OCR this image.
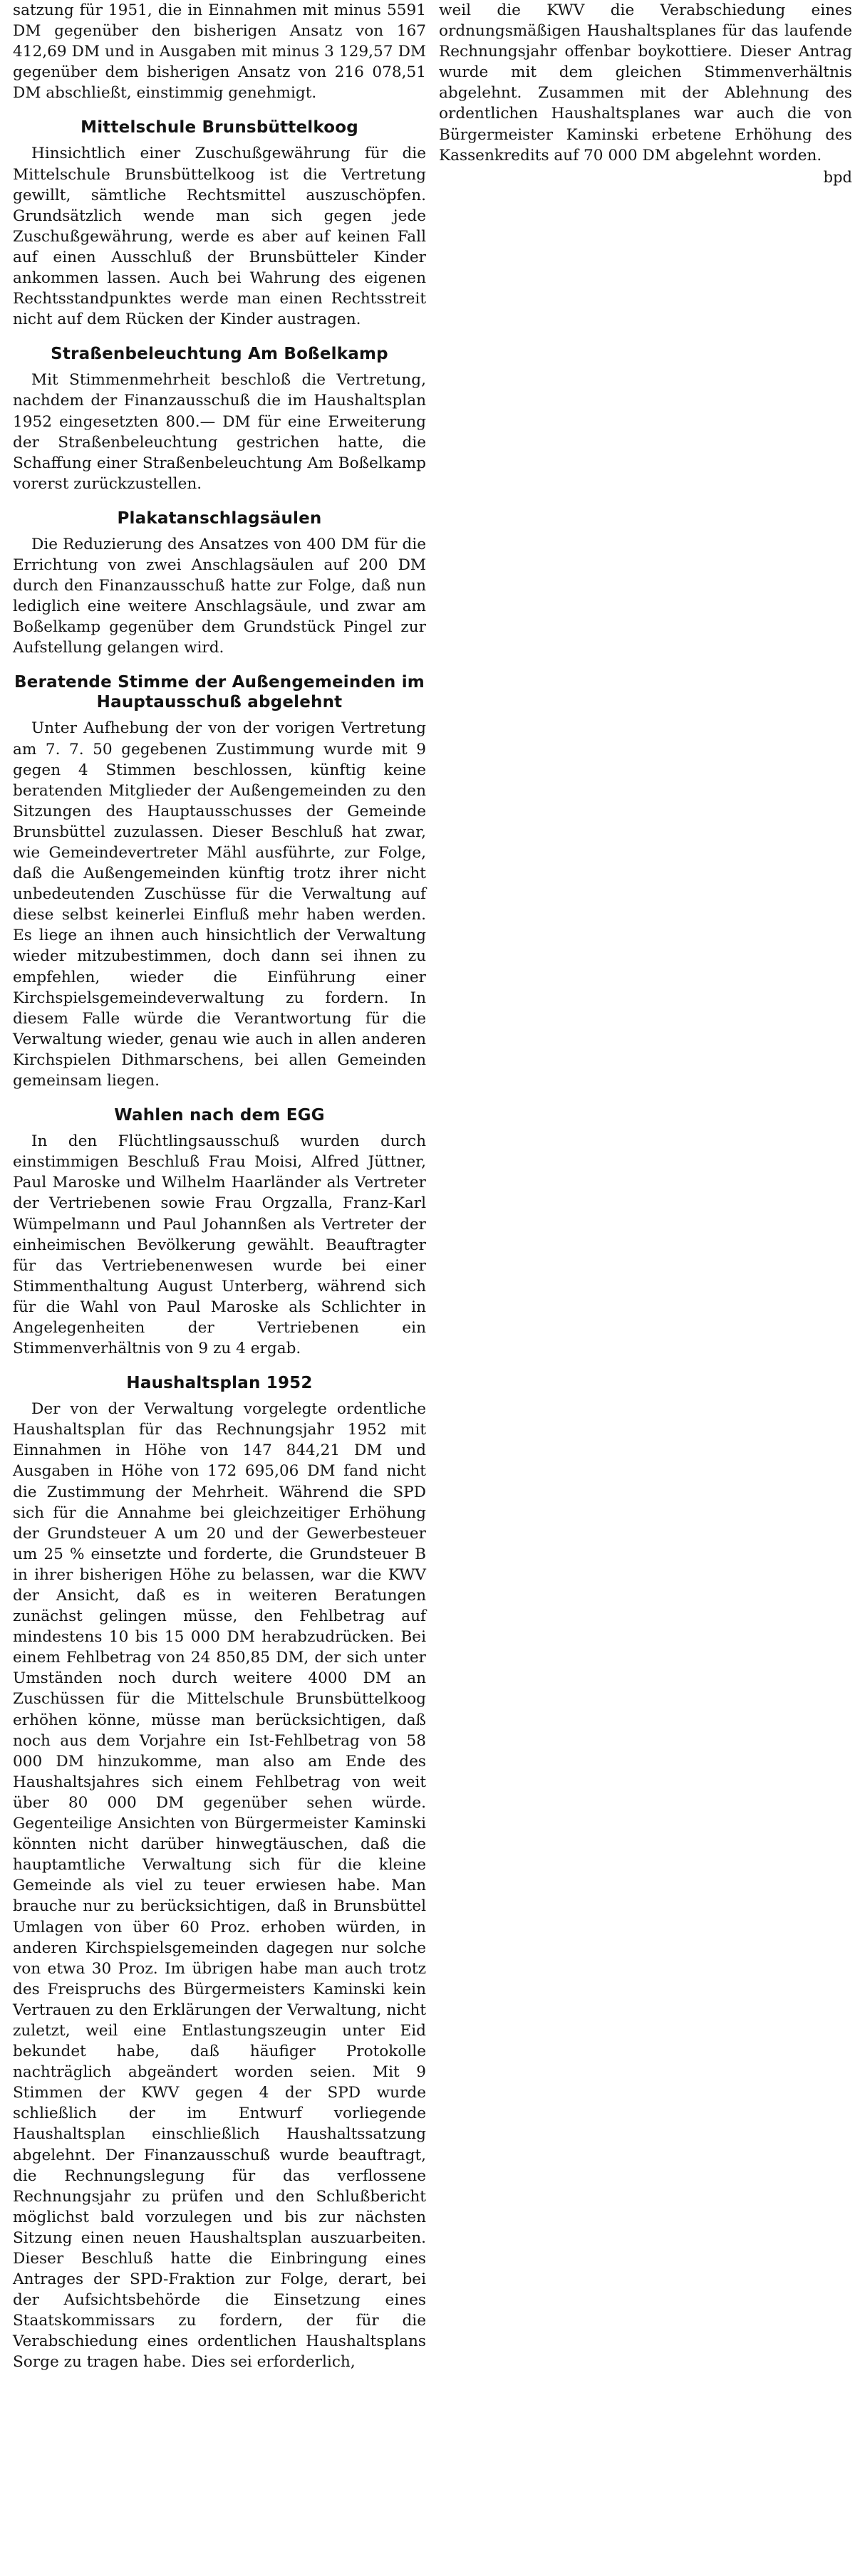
satzung für 1951, die in Einnahmen mit minus 5591 DM gegenüber den bisherigen Ansatz von 167 412,69 DM und in Ausgaben mit minus 3 129,57 DM gegenüber dem bisherigen Ansatz von 216 078,51 DM abschließt, einstimmig genehmigt.

Mittelschule Brunsbüttelkoog

Hinsichtlich einer Zuschußgewährung für die Mittelschule Brunsbüttelkoog ist die Vertretung gewillt, sämtliche Rechtsmittel auszuschöpfen. Grundsätzlich wende man sich gegen jede Zuschußgewährung, werde es aber auf keinen Fall auf einen Ausschluß der Brunsbütteler Kinder ankommen lassen. Auch bei Wahrung des eigenen Rechtsstandpunktes werde man einen Rechtsstreit nicht auf dem Rücken der Kinder austragen.

Straßenbeleuchtung Am Boßelkamp

Mit Stimmenmehrheit beschloß die Vertretung, nachdem der Finanzausschuß die im Haushaltsplan 1952 eingesetzten 800.— DM für eine Erweiterung der Straßenbeleuchtung gestrichen hatte, die Schaffung einer Straßenbeleuchtung Am Boßelkamp vorerst zurückzustellen.

Plakatanschlagsäulen

Die Reduzierung des Ansatzes von 400 DM für die Errichtung von zwei Anschlagsäulen auf 200 DM durch den Finanzausschuß hatte zur Folge, daß nun lediglich eine weitere Anschlagsäule, und zwar am Boßelkamp gegenüber dem Grundstück Pingel zur Aufstellung gelangen wird.

Beratende Stimme der Außengemeinden im
Hauptausschuß abgelehnt

Unter Aufhebung der von der vorigen Vertretung am 7. 7. 50 gegebenen Zustimmung wurde mit 9 gegen 4 Stimmen beschlossen, künftig keine beratenden Mitglieder der Außengemeinden zu den Sitzungen des Hauptausschusses der Gemeinde Brunsbüttel zuzulassen. Dieser Beschluß hat zwar, wie Gemeindevertreter Mähl ausführte, zur Folge, daß die Außengemeinden künftig trotz ihrer nicht unbedeutenden Zuschüsse für die Verwaltung auf diese selbst keinerlei Einfluß mehr haben werden. Es liege an ihnen auch hinsichtlich der Verwaltung wieder mitzubestimmen, doch dann sei ihnen zu empfehlen, wieder die Einführung einer Kirchspielsgemeindeverwaltung zu fordern. In diesem Falle würde die Verantwortung für die Verwaltung wieder, genau wie auch in allen anderen Kirchspielen Dithmarschens, bei allen Gemeinden gemeinsam liegen.

Wahlen nach dem EGG

In den Flüchtlingsausschuß wurden durch einstimmigen Beschluß Frau Moisi, Alfred Jüttner, Paul Maroske und Wilhelm Haarländer als Vertreter der Vertriebenen sowie Frau Orgzalla, Franz-Karl Wümpelmann und Paul Johannßen als Vertreter der einheimischen Bevölkerung gewählt. Beauftragter für das Vertriebenenwesen wurde bei einer Stimmenthaltung August Unterberg, während sich für die Wahl von Paul Maroske als Schlichter in Angelegenheiten der Vertriebenen ein Stimmenverhältnis von 9 zu 4 ergab.

Haushaltsplan 1952

Der von der Verwaltung vorgelegte ordentliche Haushaltsplan für das Rechnungsjahr 1952 mit Einnahmen in Höhe von 147 844,21 DM und Ausgaben in Höhe von 172 695,06 DM fand nicht die Zustimmung der Mehrheit. Während die SPD sich für die Annahme bei gleichzeitiger Erhöhung der Grundsteuer A um 20 und der Gewerbesteuer um 25 % einsetzte und forderte, die Grundsteuer B in ihrer bisherigen Höhe zu belassen, war die KWV der Ansicht, daß es in weiteren Beratungen zunächst gelingen müsse, den Fehlbetrag auf mindestens 10 bis 15 000 DM herabzudrücken. Bei einem Fehlbetrag von 24 850,85 DM, der sich unter Umständen noch durch weitere 4000 DM an Zuschüssen für die Mittelschule Brunsbüttelkoog erhöhen könne, müsse man berücksichtigen, daß noch aus dem Vorjahre ein Ist-Fehlbetrag von 58 000 DM hinzukomme, man also am Ende des Haushaltsjahres sich einem Fehlbetrag von weit über 80 000 DM gegenüber sehen würde. Gegenteilige Ansichten von Bürgermeister Kaminski könnten nicht darüber hinwegtäuschen, daß die hauptamtliche Verwaltung sich für die kleine Gemeinde als viel zu teuer erwiesen habe. Man brauche nur zu berücksichtigen, daß in Brunsbüttel Umlagen von über 60 Proz. erhoben würden, in anderen Kirchspielsgemeinden dagegen nur solche von etwa 30 Proz. Im übrigen habe man auch trotz des Freispruchs des Bürgermeisters Kaminski kein Vertrauen zu den Erklärungen der Verwaltung, nicht zuletzt, weil eine Entlastungszeugin unter Eid bekundet habe, daß häufiger Protokolle nachträglich abgeändert worden seien. Mit 9 Stimmen der KWV gegen 4 der SPD wurde schließlich der im Entwurf vorliegende Haushaltsplan einschließlich Haushaltssatzung abgelehnt. Der Finanzausschuß wurde beauftragt, die Rechnungslegung für das verflossene Rechnungsjahr zu prüfen und den Schlußbericht möglichst bald vorzulegen und bis zur nächsten Sitzung einen neuen Haushaltsplan auszuarbeiten. Dieser Beschluß hatte die Einbringung eines Antrages der SPD-Fraktion zur Folge, derart, bei der Aufsichtsbehörde die Einsetzung eines Staatskommissars zu fordern, der für die Verabschiedung eines ordentlichen Haushaltsplans Sorge zu tragen habe. Dies sei erforderlich,

weil die KWV die Verabschiedung eines ordnungsmäßigen Haushaltsplanes für das laufende Rechnungsjahr offenbar boykottiere. Dieser Antrag wurde mit dem gleichen Stimmenverhältnis abgelehnt. Zusammen mit der Ablehnung des ordentlichen Haushaltsplanes war auch die von Bürgermeister Kaminski erbetene Erhöhung des Kassenkredits auf 70 000 DM abgelehnt worden.

bpd
